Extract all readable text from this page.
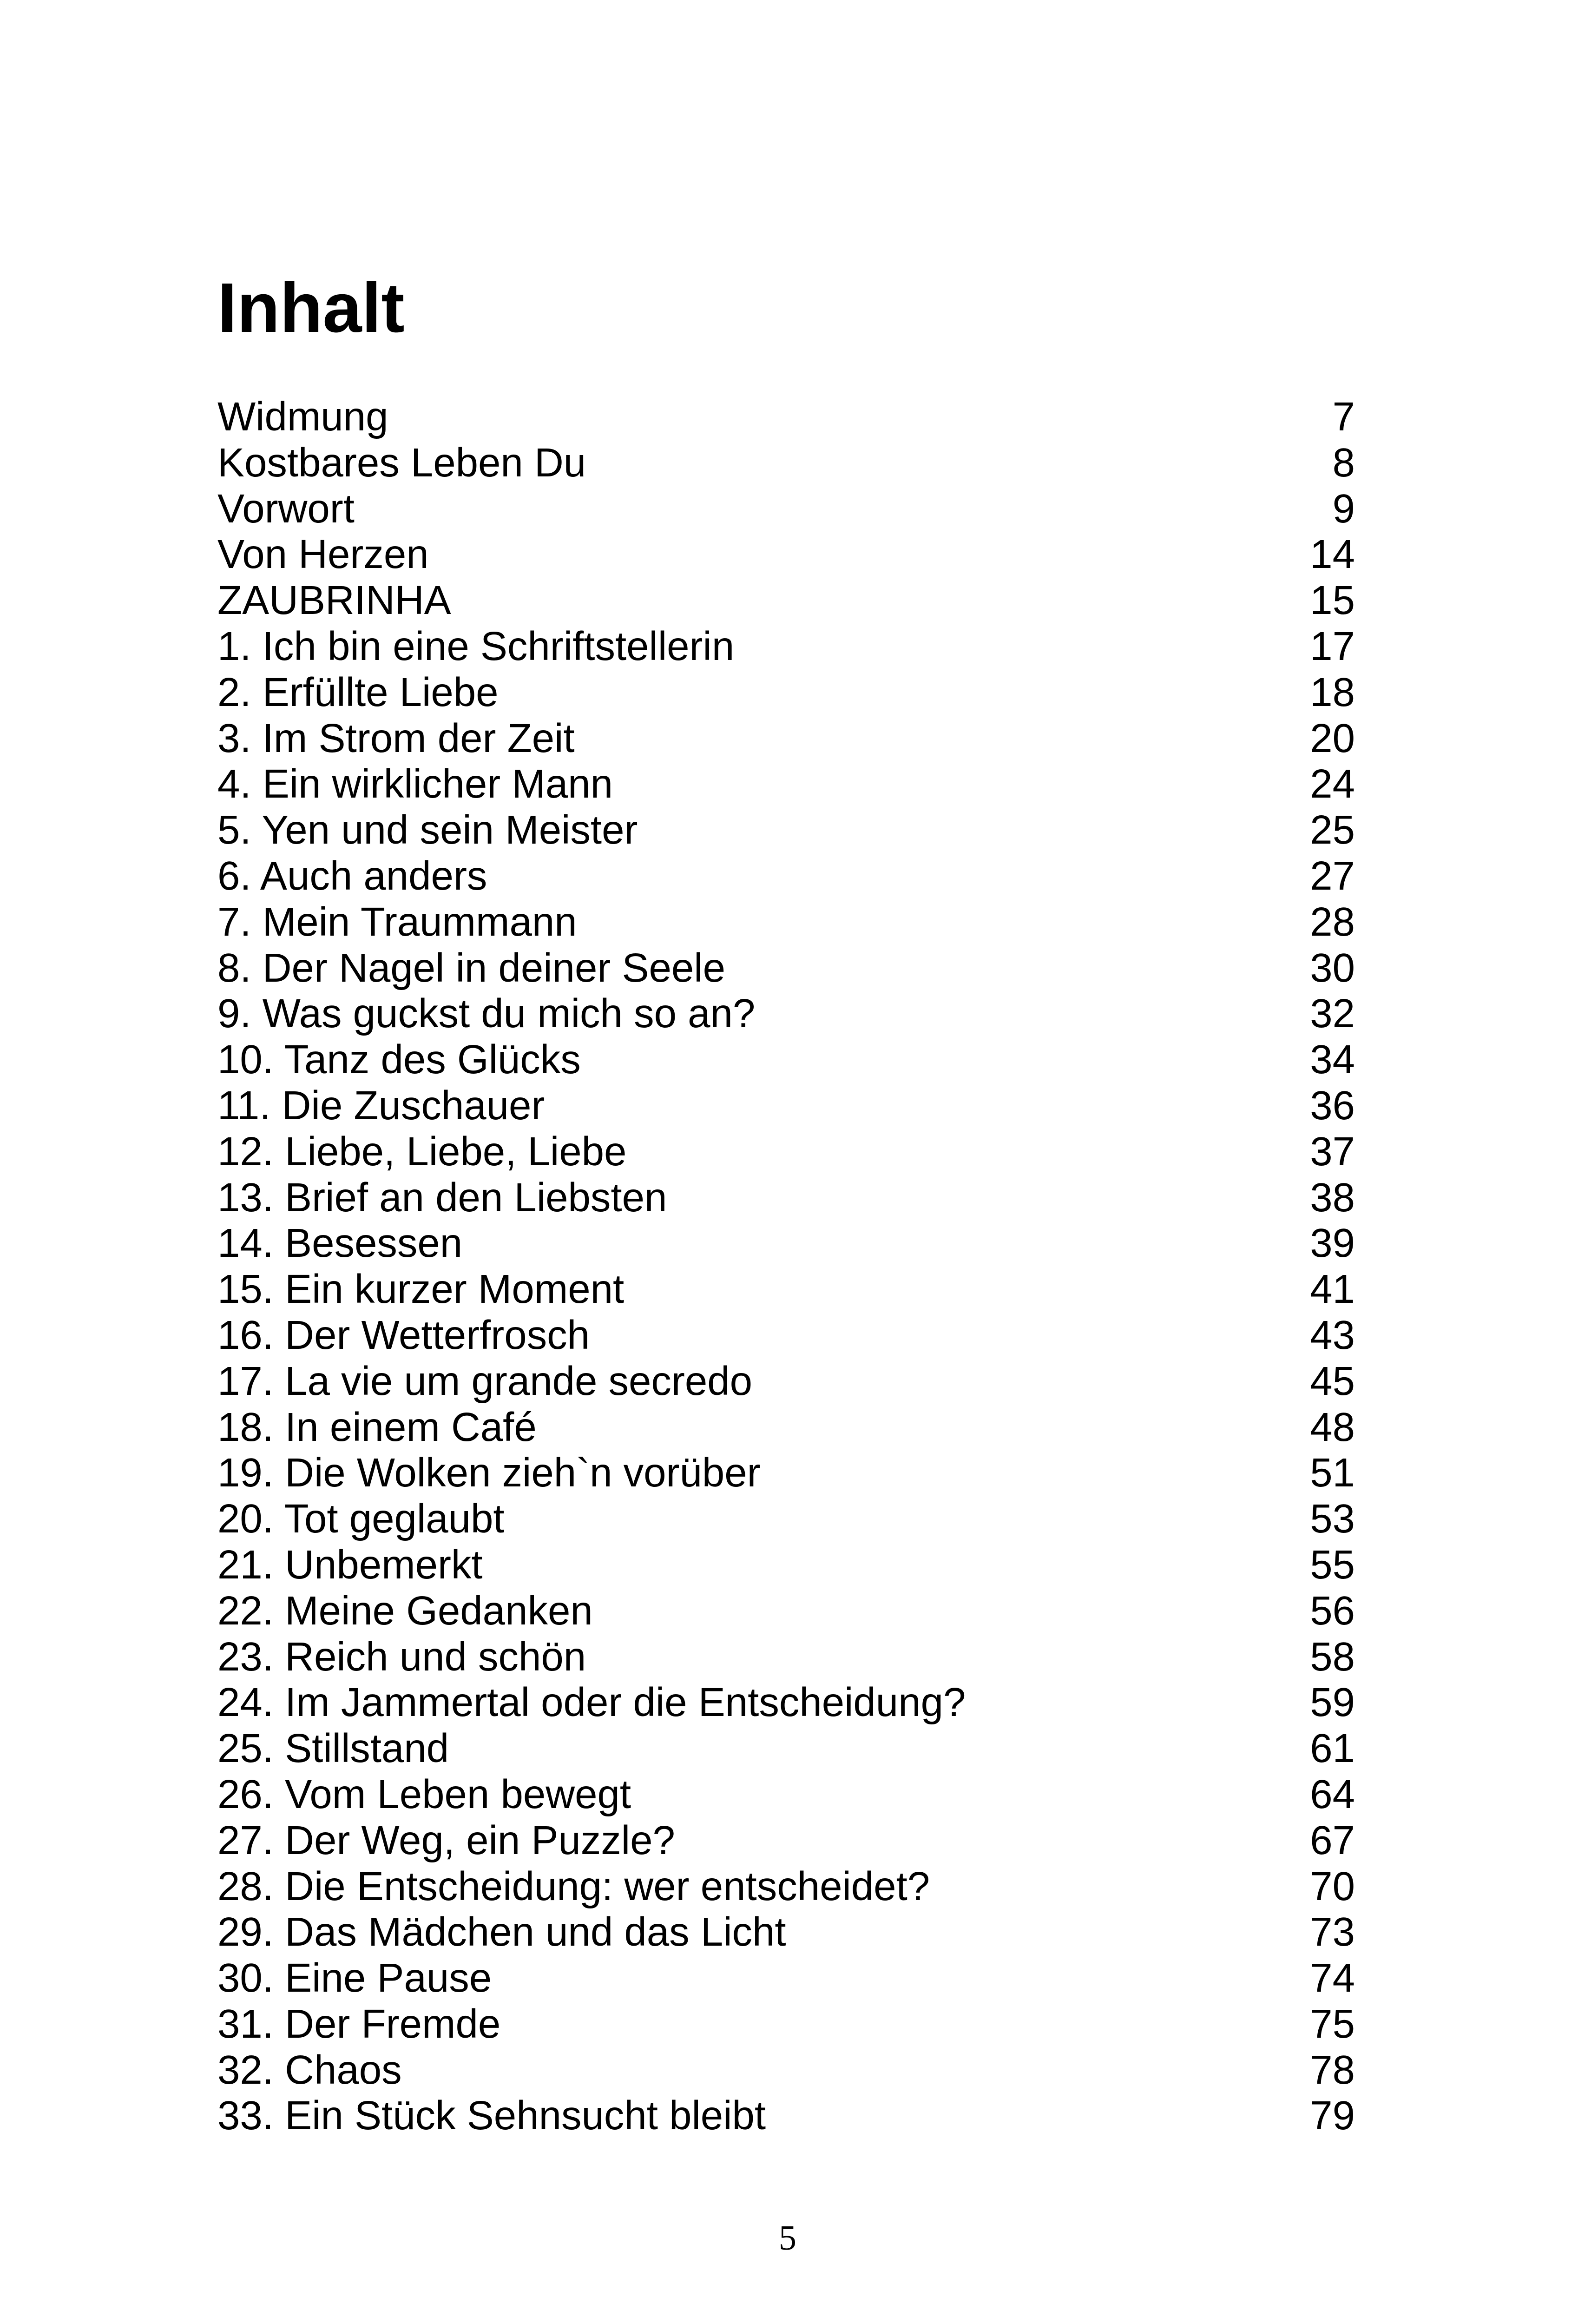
Inhalt
Widmung	7
Kostbares Leben Du	8
Vorwort	9
Von Herzen	14
ZAUBRINHA	15
1. Ich bin eine Schriftstellerin	17
2. Erfüllte Liebe	18
3. Im Strom der Zeit	20
4. Ein wirklicher Mann	24
5. Yen und sein Meister	25
6. Auch anders	27
7. Mein Traummann	28
8. Der Nagel in deiner Seele	30
9. Was guckst du mich so an?	32
10. Tanz des Glücks	34
11. Die Zuschauer	36
12. Liebe, Liebe, Liebe	37
13. Brief an den Liebsten	38
14. Besessen	39
15. Ein kurzer Moment	41
16. Der Wetterfrosch	43
17. La vie um grande secredo	45
18. In einem Café	48
19. Die Wolken zieh`n vorüber	51
20. Tot geglaubt	53
21. Unbemerkt	55
22. Meine Gedanken	56
23. Reich und schön	58
24. Im Jammertal oder die Entscheidung?	59
25. Stillstand	61
26. Vom Leben bewegt	64
27. Der Weg, ein Puzzle?	67
28. Die Entscheidung: wer entscheidet?	70
29. Das Mädchen und das Licht	73
30. Eine Pause	74
31. Der Fremde	75
32. Chaos	78
33. Ein Stück Sehnsucht bleibt	79
5
